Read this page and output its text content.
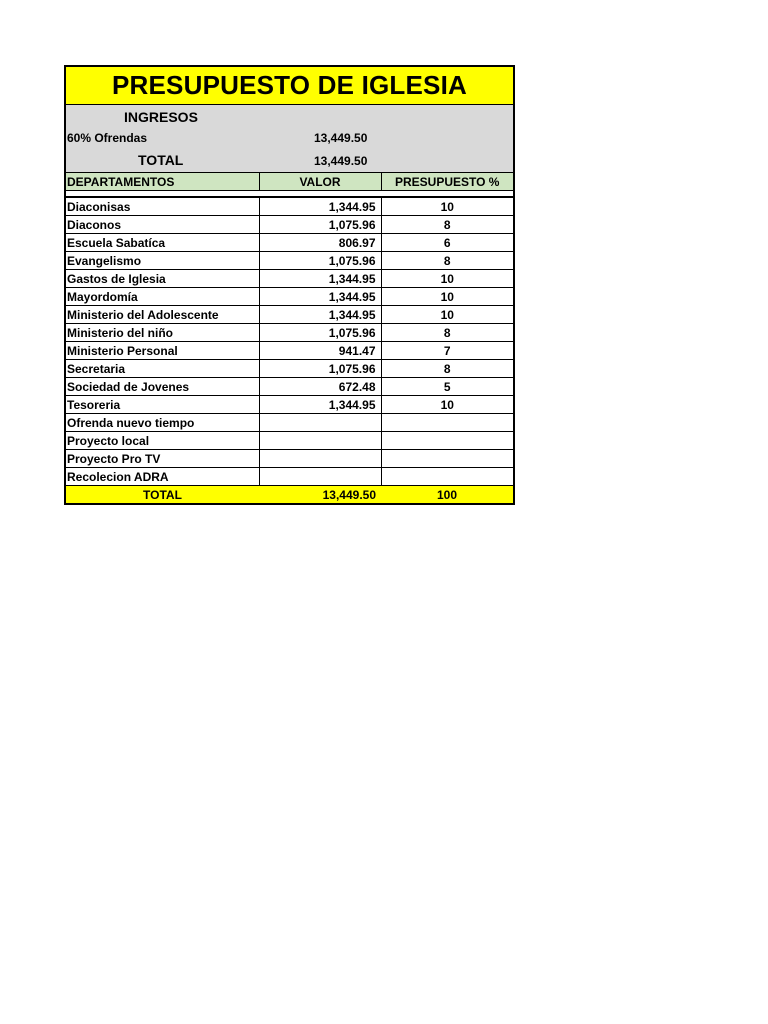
PRESUPUESTO DE IGLESIA
INGRESOS
60% Ofrendas	13,449.50
TOTAL	13,449.50
DEPARTAMENTOS	VALOR	PRESUPUESTO %

Diaconisas	1,344.95	10
Diaconos	1,075.96	8
Escuela Sabatíca	806.97	6
Evangelismo	1,075.96	8
Gastos de Iglesia	1,344.95	10
Mayordomía	1,344.95	10
Ministerio del Adolescente	1,344.95	10
Ministerio del niño	1,075.96	8
Ministerio Personal	941.47	7
Secretaria	1,075.96	8
Sociedad de Jovenes	672.48	5
Tesoreria	1,344.95	10
Ofrenda nuevo tiempo		
Proyecto local		
Proyecto Pro TV		
Recolecion ADRA		
TOTAL	13,449.50	100
